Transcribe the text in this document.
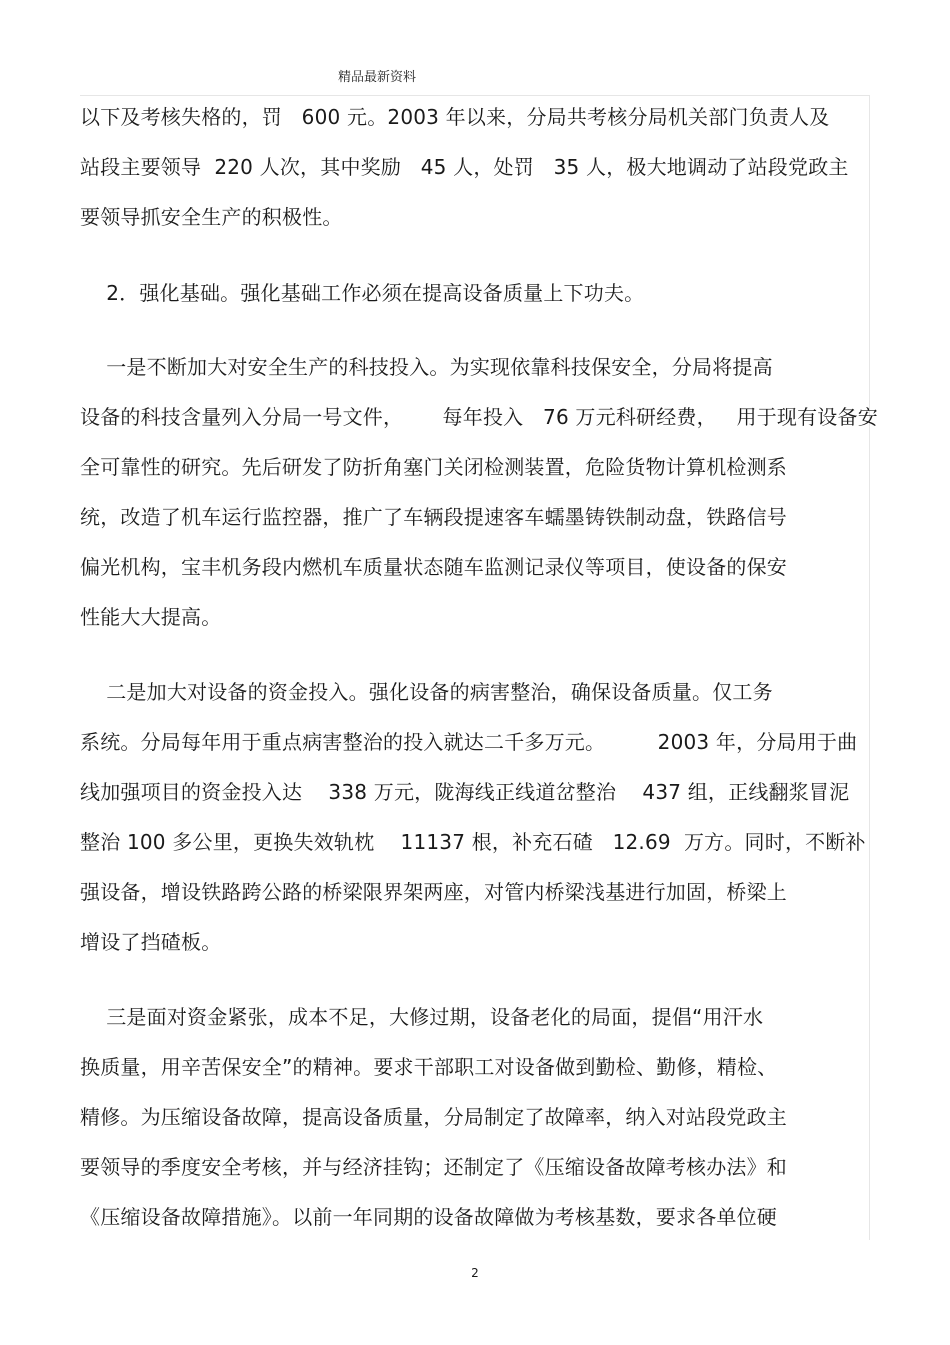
精品最新资料
以下及考核失格的，罚   600 元。2003 年以来，分局共考核分局机关部门负责人及
站段主要领导  220 人次，其中奖励   45 人，处罚   35 人，极大地调动了站段党政主
要领导抓安全生产的积极性。
2．强化基础。强化基础工作必须在提高设备质量上下功夫。
一是不断加大对安全生产的科技投入。为实现依靠科技保安全，分局将提高
设备的科技含量列入分局一号文件，      每年投入   76 万元科研经费，   用于现有设备安
全可靠性的研究。先后研发了防折角塞门关闭检测装置，危险货物计算机检测系
统，改造了机车运行监控器，推广了车辆段提速客车蠕墨铸铁制动盘，铁路信号
偏光机构，宝丰机务段内燃机车质量状态随车监测记录仪等项目，使设备的保安
性能大大提高。
二是加大对设备的资金投入。强化设备的病害整治，确保设备质量。仅工务
系统。分局每年用于重点病害整治的投入就达二千多万元。        2003 年，分局用于曲
线加强项目的资金投入达    338 万元，陇海线正线道岔整治    437 组，正线翻浆冒泥
整治 100 多公里，更换失效轨枕    11137 根，补充石碴   12.69  万方。同时，不断补
强设备，增设铁路跨公路的桥梁限界架两座，对管内桥梁浅基进行加固，桥梁上
增设了挡碴板。
三是面对资金紧张，成本不足，大修过期，设备老化的局面，提倡“用汗水
换质量，用辛苦保安全”的精神。要求干部职工对设备做到勤检、勤修，精检、
精修。为压缩设备故障，提高设备质量，分局制定了故障率，纳入对站段党政主
要领导的季度安全考核，并与经济挂钩；还制定了《压缩设备故障考核办法》和
《压缩设备故障措施》。以前一年同期的设备故障做为考核基数，要求各单位硬
2
